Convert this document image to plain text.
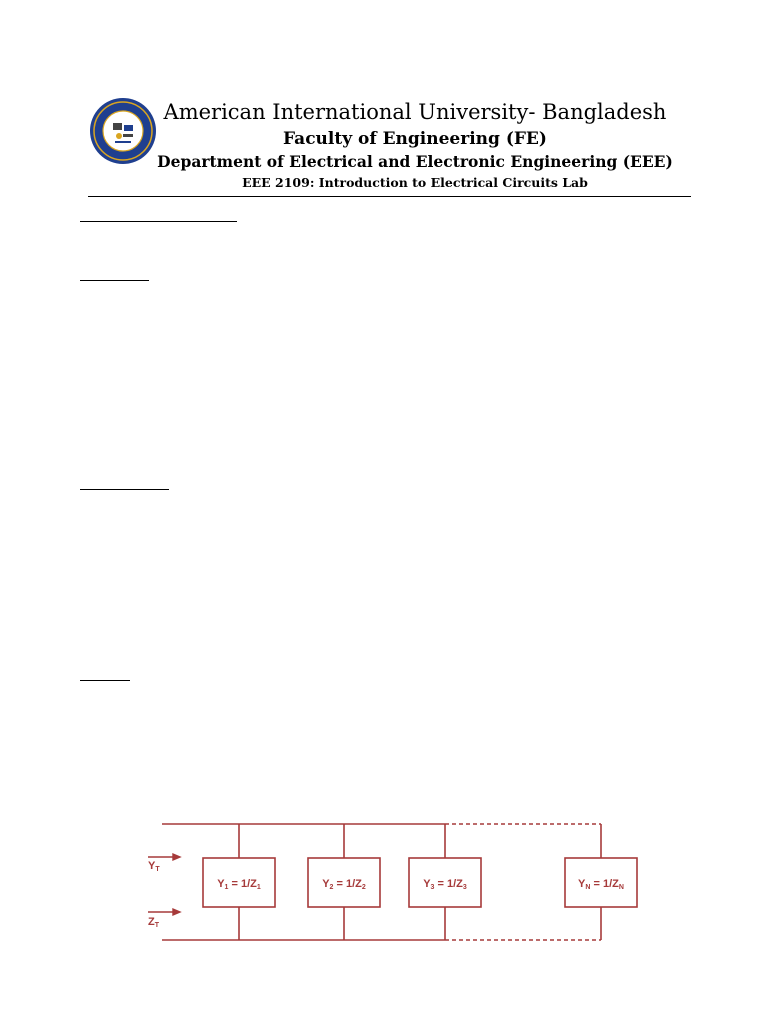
American International University- Bangladesh
Faculty of Engineering (FE)
Department of Electrical and Electronic Engineering (EEE)
EEE 2109: Introduction to Electrical Circuits Lab
YT
ZT
Y1 = 1/Z1	Y2 = 1/Z2	Y3 = 1/Z3	YN = 1/ZN
